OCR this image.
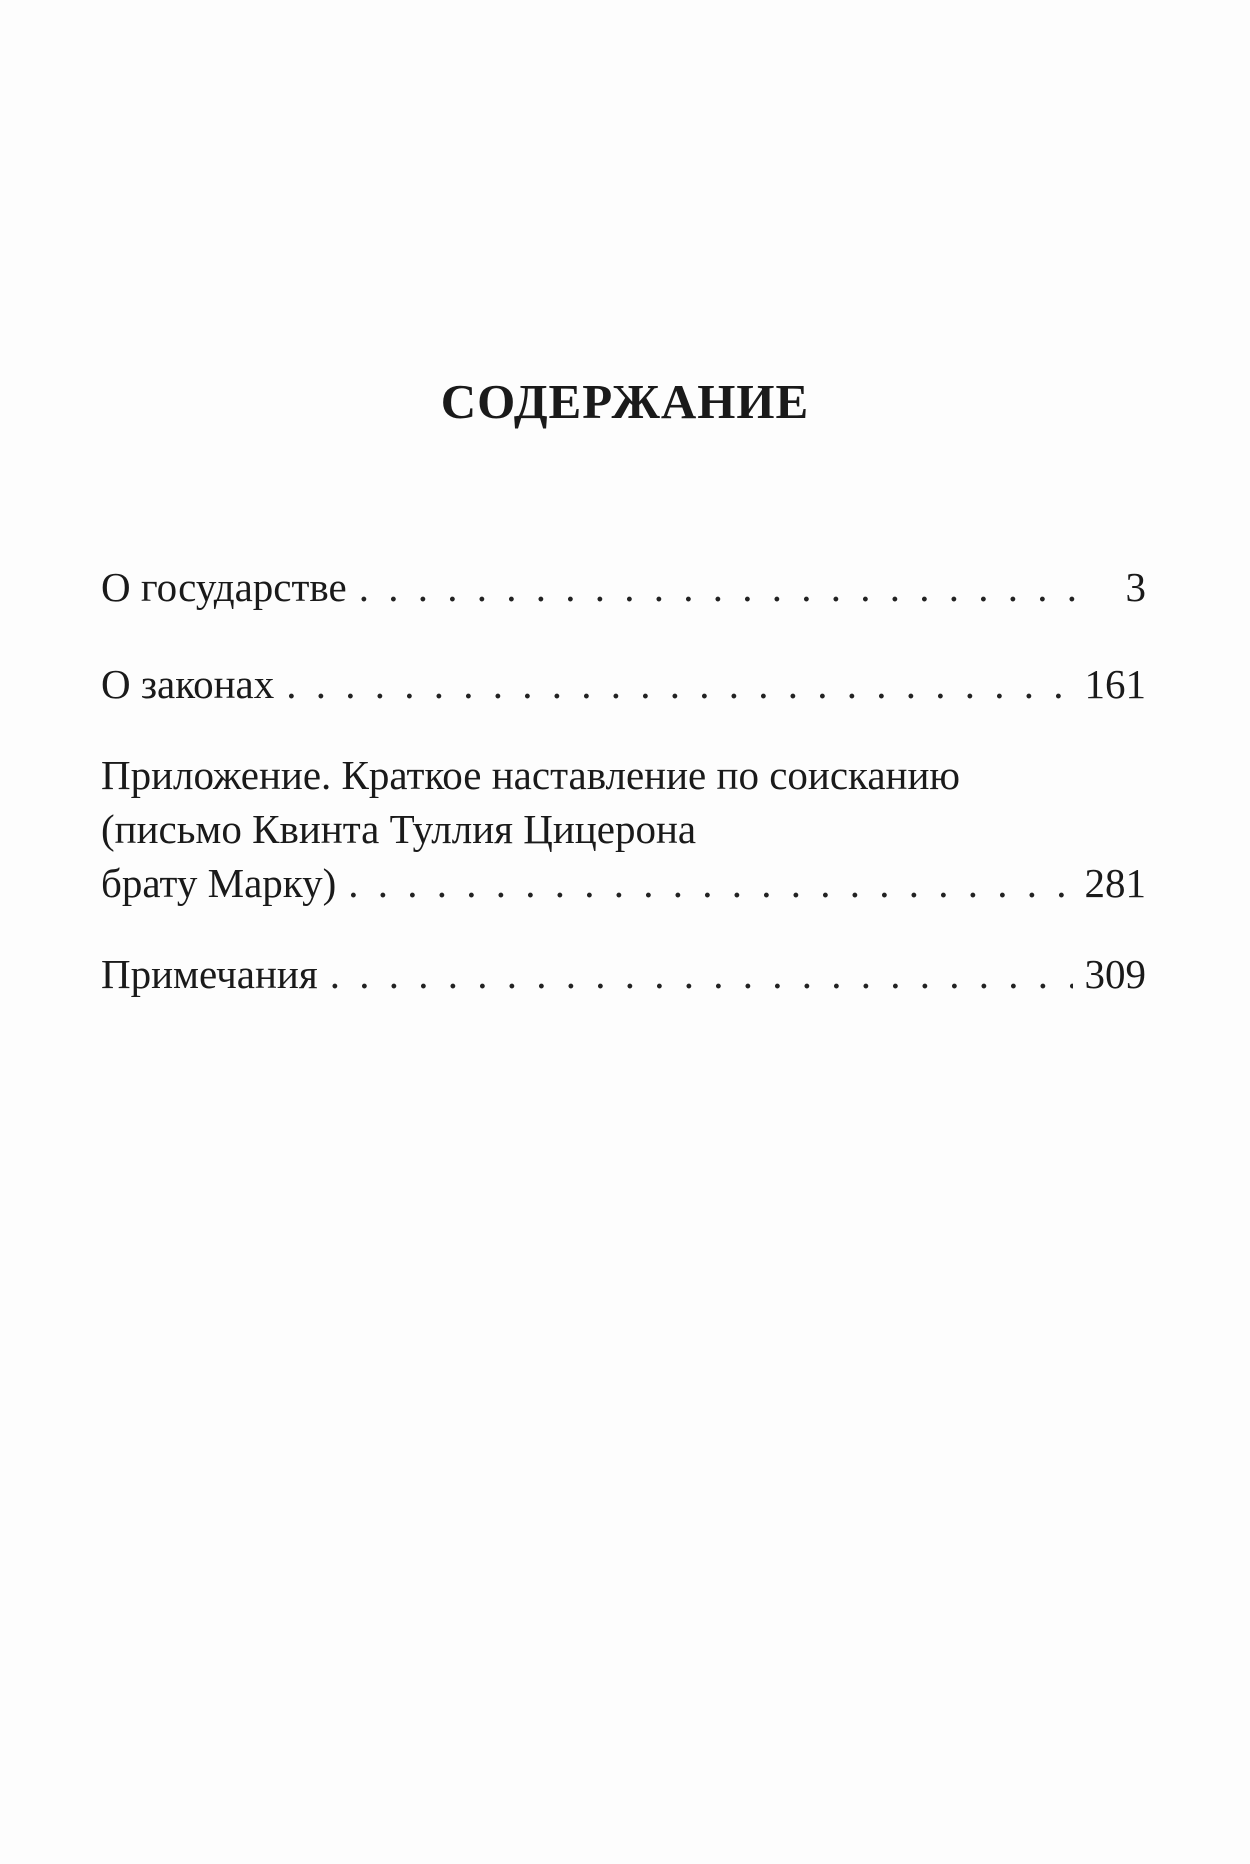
СОДЕРЖАНИЕ
О государстве . . .	3
О законах . . .	161
Приложение. Краткое наставление по соисканию
(письмо Квинта Туллия Цицерона
брату Марку) . . .	281
Примечания . . .	309
